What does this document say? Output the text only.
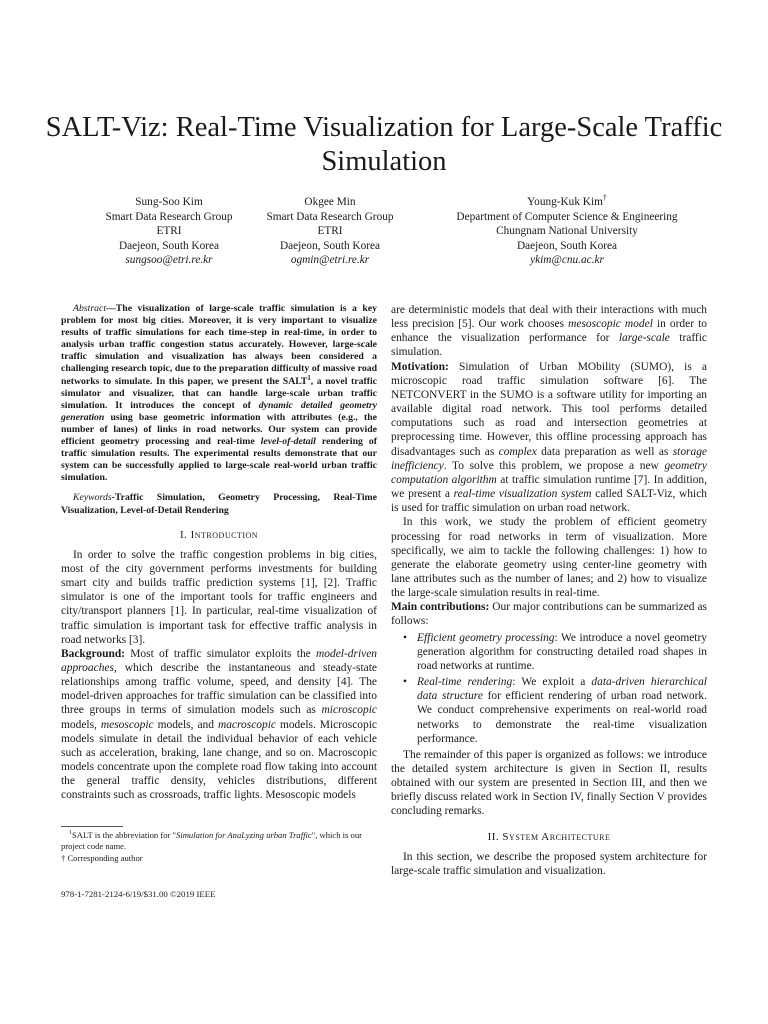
SALT-Viz: Real-Time Visualization for Large-Scale Traffic Simulation
Sung-Soo Kim
Smart Data Research Group
ETRI
Daejeon, South Korea
sungsoo@etri.re.kr
Okgee Min
Smart Data Research Group
ETRI
Daejeon, South Korea
ogmin@etri.re.kr
Young-Kuk Kim†
Department of Computer Science & Engineering
Chungnam National University
Daejeon, South Korea
ykim@cnu.ac.kr

Abstract—The visualization of large-scale traffic simulation is a key problem for most big cities. Moreover, it is very important to visualize results of traffic simulations for each time-step in real-time, in order to analysis urban traffic congestion status accurately. However, large-scale traffic simulation and visualization has always been considered a challenging research topic, due to the preparation difficulty of massive road networks to simulate. In this paper, we present the SALT$^1$, a novel traffic simulator and visualizer, that can handle large-scale urban traffic simulation. It introduces the concept of dynamic detailed geometry generation using base geometric information with attributes (e.g., the number of lanes) of links in road networks. Our system can provide efficient geometry processing and real-time level-of-detail rendering of traffic simulation results. The experimental results demonstrate that our system can be successfully applied to large-scale real-world urban traffic simulation.

Keywords-Traffic Simulation, Geometry Processing, Real-Time Visualization, Level-of-Detail Rendering

I. Introduction

In order to solve the traffic congestion problems in big cities, most of the city government performs investments for building smart city and builds traffic prediction systems [1], [2]. Traffic simulator is one of the important tools for traffic engineers and city/transport planners [1]. In particular, real-time visualization of traffic simulation is important task for effective traffic analysis in road networks [3].

Background: Most of traffic simulator exploits the model-driven approaches, which describe the instantaneous and steady-state relationships among traffic volume, speed, and density [4]. The model-driven approaches for traffic simulation can be classified into three groups in terms of simulation models such as microscopic models, mesoscopic models, and macroscopic models. Microscopic models simulate in detail the individual behavior of each vehicle such as acceleration, braking, lane change, and so on. Macroscopic models concentrate upon the complete road flow taking into account the general traffic density, vehicles distributions, different constraints such as crossroads, traffic lights. Mesoscopic models

$^1$SALT is the abbreviation for "Simulation for AnaLyzing urban Traffic", which is our project code name.

† Corresponding author

978-1-7281-2124-6/19/$31.00 ©2019 IEEE

are deterministic models that deal with their interactions with much less precision [5]. Our work chooses mesoscopic model in order to enhance the visualization performance for large-scale traffic simulation.

Motivation: Simulation of Urban MObility (SUMO), is a microscopic road traffic simulation software [6]. The NETCONVERT in the SUMO is a software utility for importing an available digital road network. This tool performs detailed computations such as road and intersection geometries at preprocessing time. However, this offline processing approach has disadvantages such as complex data preparation as well as storage inefficiency. To solve this problem, we propose a new geometry computation algorithm at traffic simulation runtime [7]. In addition, we present a real-time visualization system called SALT-Viz, which is used for traffic simulation on urban road network.

In this work, we study the problem of efficient geometry processing for road networks in term of visualization. More specifically, we aim to tackle the following challenges: 1) how to generate the elaborate geometry using center-line geometry with lane attributes such as the number of lanes; and 2) how to visualize the large-scale simulation results in real-time.

Main contributions: Our major contributions can be summarized as follows:

• Efficient geometry processing: We introduce a novel geometry generation algorithm for constructing detailed road shapes in road networks at runtime.
• Real-time rendering: We exploit a data-driven hierarchical data structure for efficient rendering of urban road network. We conduct comprehensive experiments on real-world road networks to demonstrate the real-time visualization performance.

The remainder of this paper is organized as follows: we introduce the detailed system architecture is given in Section II, results obtained with our system are presented in Section III, and then we briefly discuss related work in Section IV, finally Section V provides concluding remarks.

II. System Architecture

In this section, we describe the proposed system architecture for large-scale traffic simulation and visualization.
